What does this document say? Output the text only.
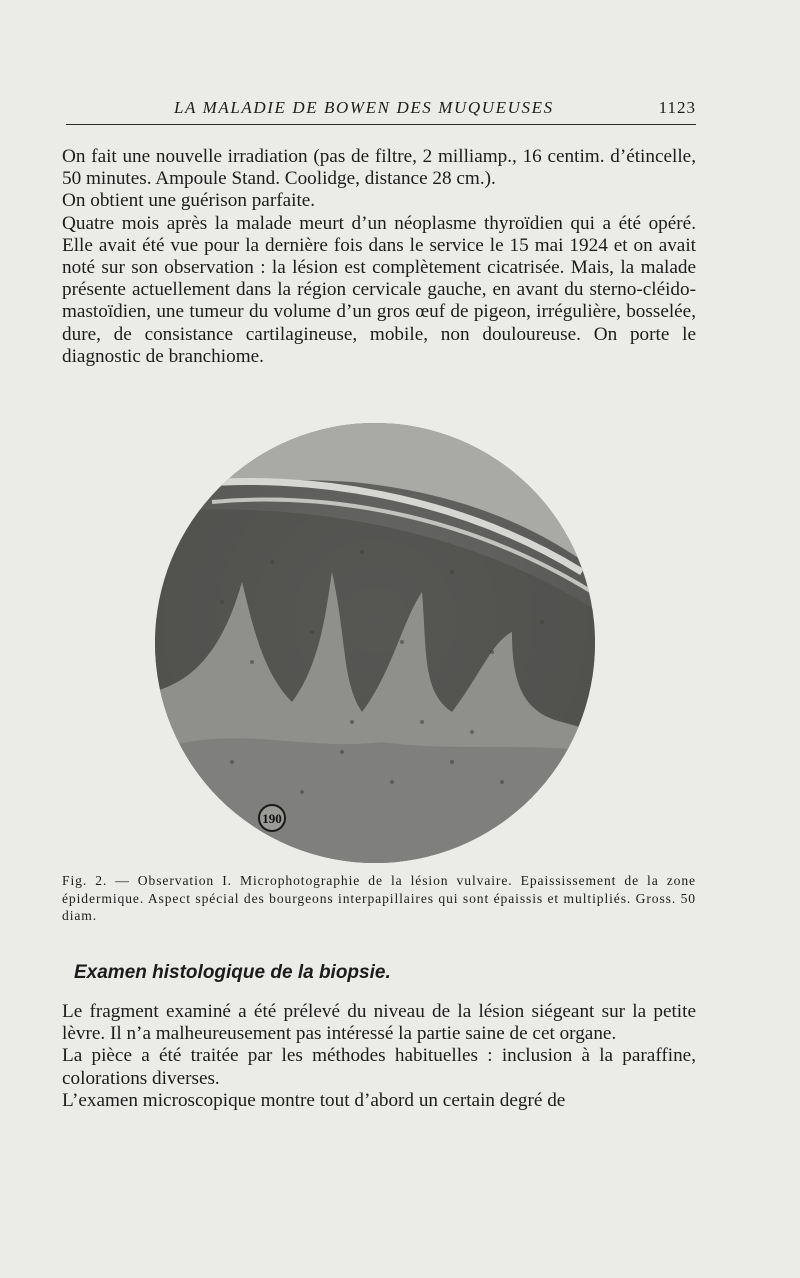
LA MALADIE DE BOWEN DES MUQUEUSES	1123

On fait une nouvelle irradiation (pas de filtre, 2 milliamp., 16 centim. d’étincelle, 50 minutes. Ampoule Stand. Coolidge, distance 28 cm.).

On obtient une guérison parfaite.

Quatre mois après la malade meurt d’un néoplasme thyroïdien qui a été opéré. Elle avait été vue pour la dernière fois dans le service le 15 mai 1924 et on avait noté sur son observation : la lésion est complètement cicatrisée. Mais, la malade présente actuellement dans la région cervicale gauche, en avant du sterno-cléido-mastoïdien, une tumeur du volume d’un gros œuf de pigeon, irrégulière, bosselée, dure, de consistance cartilagineuse, mobile, non douloureuse. On porte le diagnostic de branchiome.

190
Fig. 2. — Observation I. Microphotographie de la lésion vulvaire. Epaississement de la zone épidermique. Aspect spécial des bourgeons interpapillaires qui sont épaissis et multipliés. Gross. 50 diam.
Examen histologique de la biopsie.

Le fragment examiné a été prélevé du niveau de la lésion siégeant sur la petite lèvre. Il n’a malheureusement pas intéressé la partie saine de cet organe.

La pièce a été traitée par les méthodes habituelles : inclusion à la paraffine, colorations diverses.

L’examen microscopique montre tout d’abord un certain degré de
